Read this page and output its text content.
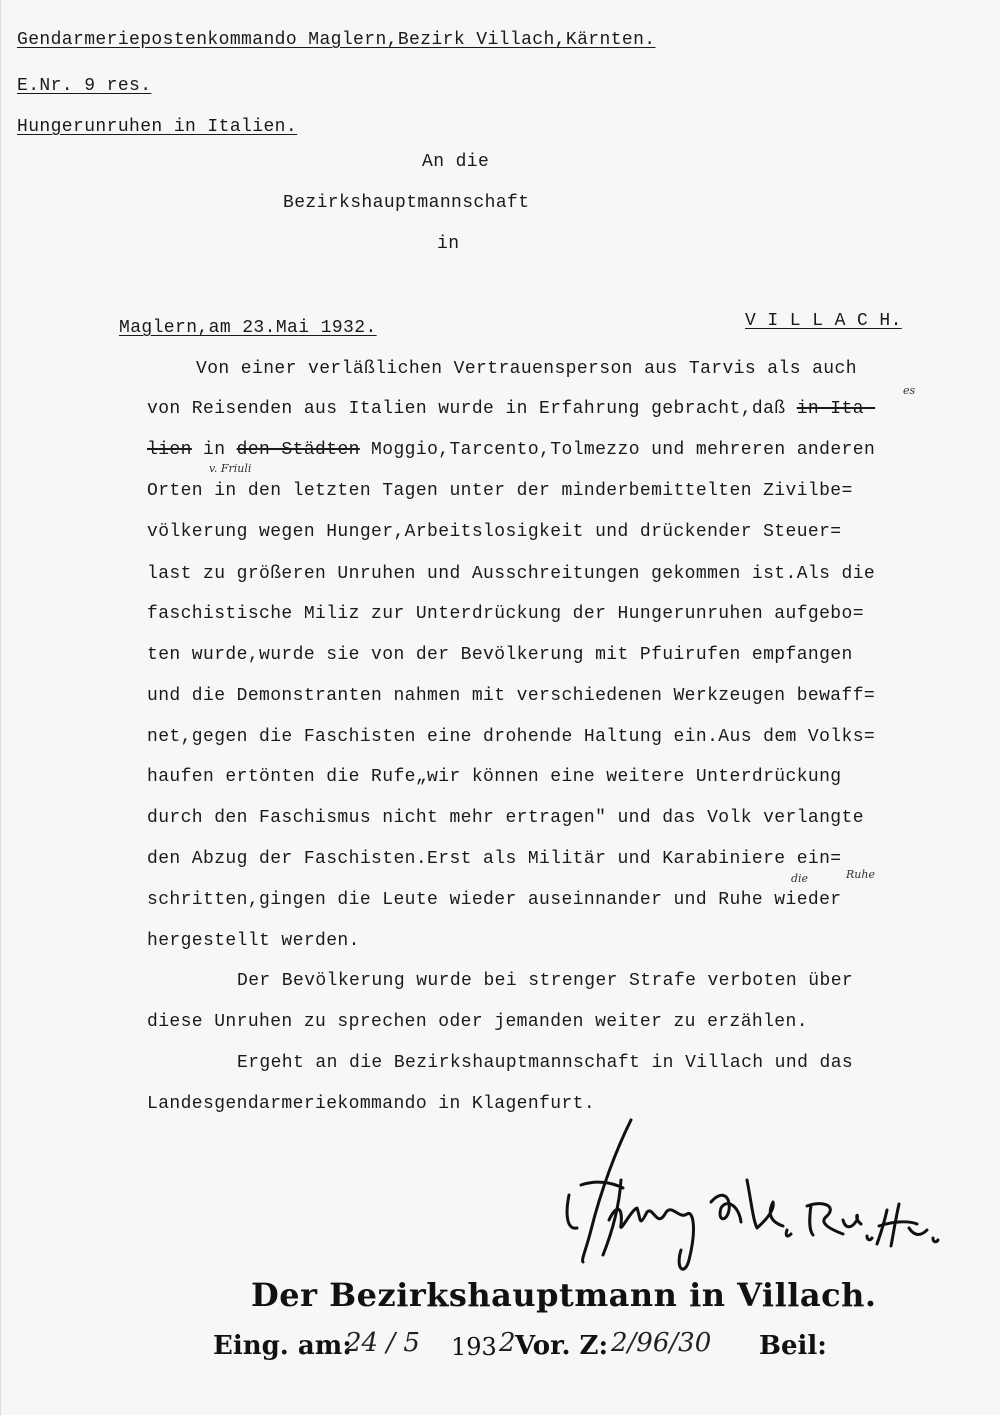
Gendarmeriepostenkommando Maglern,Bezirk Villach,Kärnten.
E.Nr. 9 res.
Hungerunruhen in Italien.
An die
Bezirkshauptmannschaft
in
Maglern,am 23.Mai 1932.	V I L L A C H.
Von einer verläßlichen Vertrauensperson aus Tarvis als auch
von Reisenden aus Italien wurde in Erfahrung gebracht,daß in Ita-
es
lien in den Städten Moggio,Tarcento,Tolmezzo und mehreren anderen
v. Friuli
Orten in den letzten Tagen unter der minderbemittelten Zivilbe=
völkerung wegen Hunger,Arbeitslosigkeit und drückender Steuer=
last zu größeren Unruhen und Ausschreitungen gekommen ist.Als die
faschistische Miliz zur Unterdrückung der Hungerunruhen aufgebo=
ten wurde,wurde sie von der Bevölkerung mit Pfuirufen empfangen
und die Demonstranten nahmen mit verschiedenen Werkzeugen bewaff=
net,gegen die Faschisten eine drohende Haltung ein.Aus dem Volks=
haufen ertönten die Rufe„wir können eine weitere Unterdrückung
durch den Faschismus nicht mehr ertragen" und das Volk verlangte
den Abzug der Faschisten.Erst als Militär und Karabiniere ein=
schritten,gingen die Leute wieder auseinnander und Ruhe wieder
die	Ruhe
hergestellt werden.
Der Bevölkerung wurde bei strenger Strafe verboten über
diese Unruhen zu sprechen oder jemanden weiter zu erzählen.
Ergeht an die Bezirkshauptmannschaft in Villach und das
Landesgendarmeriekommando in Klagenfurt.
Der Bezirkshauptmann in Villach.
Eing. am:
24 / 5 193 2 Vor. Z: 2/96/30 Beil:
